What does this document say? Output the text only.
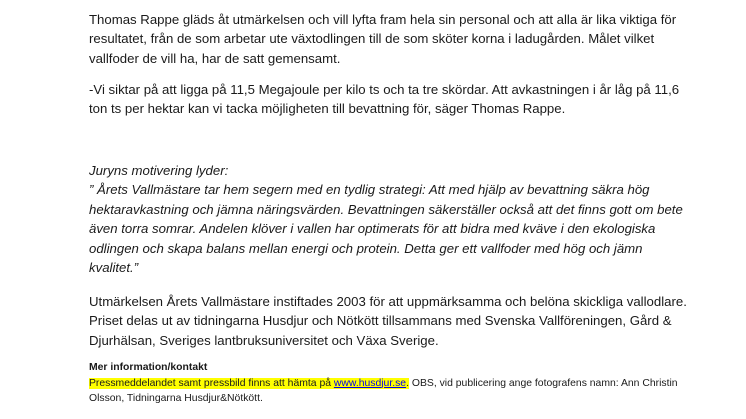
Thomas Rappe gläds åt utmärkelsen och vill lyfta fram hela sin personal och att alla är lika viktiga för resultatet, från de som arbetar ute växtodlingen till de som sköter korna i ladugården. Målet vilket vallfoder de vill ha, har de satt gemensamt.

-Vi siktar på att ligga på 11,5 Megajoule per kilo ts och ta tre skördar. Att avkastningen i år låg på 11,6 ton ts per hektar kan vi tacka möjligheten till bevattning för, säger Thomas Rappe.

Juryns motivering lyder:
” Årets Vallmästare tar hem segern med en tydlig strategi: Att med hjälp av bevattning säkra hög hektaravkastning och jämna näringsvärden. Bevattningen säkerställer också att det finns gott om bete även torra somrar. Andelen klöver i vallen har optimerats för att bidra med kväve i den ekologiska odlingen och skapa balans mellan energi och protein. Detta ger ett vallfoder med hög och jämn kvalitet.”

Utmärkelsen Årets Vallmästare instiftades 2003 för att uppmärksamma och belöna skickliga vallodlare. Priset delas ut av tidningarna Husdjur och Nötkött tillsammans med Svenska Vallföreningen, Gård & Djurhälsan, Sveriges lantbruksuniversitet och Växa Sverige.

Mer information/kontakt
Pressmeddelandet samt pressbild finns att hämta på www.husdjur.se. OBS, vid publicering ange fotografens namn: Ann Christin Olsson, Tidningarna Husdjur&Nötkött.
